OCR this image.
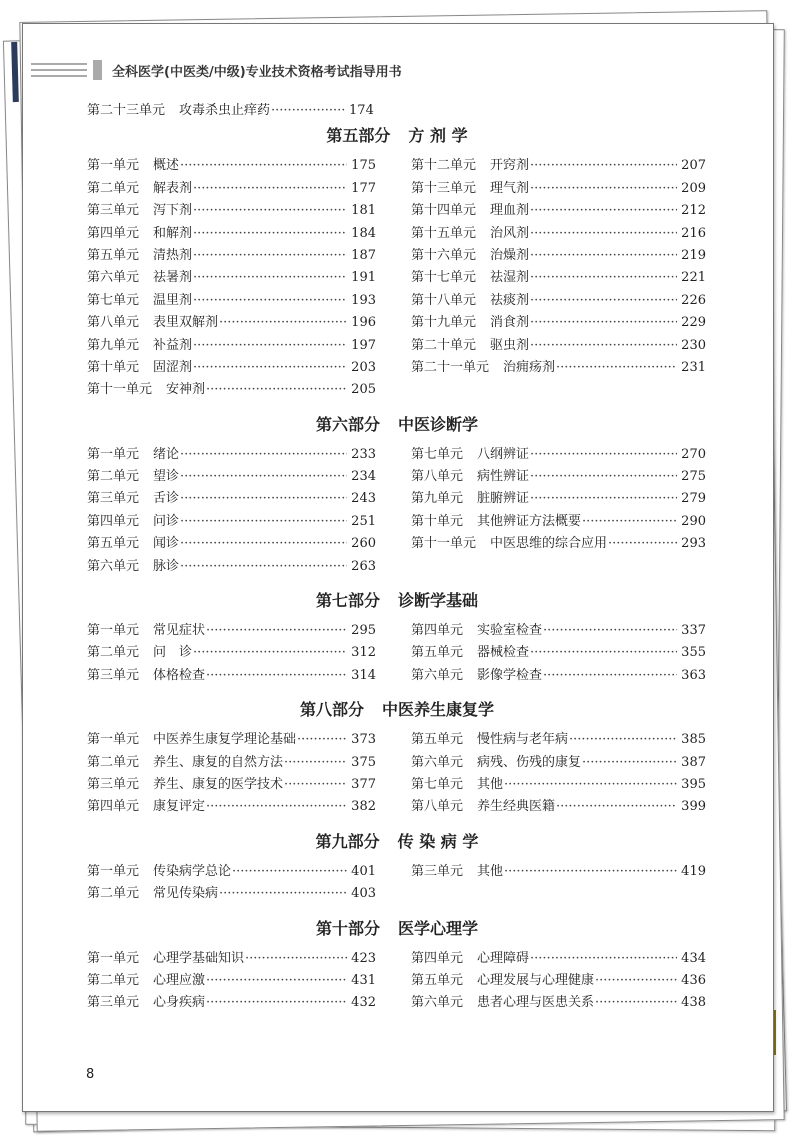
全科医学(中医类/中级)专业技术资格考试指导用书
第二十三单元 攻毒杀虫止痒药 ·····	174
第五部分 方 剂 学
第一单元 概述 ·····	175
第二单元 解表剂 ·····	177
第三单元 泻下剂 ·····	181
第四单元 和解剂 ·····	184
第五单元 清热剂 ·····	187
第六单元 祛暑剂 ·····	191
第七单元 温里剂 ·····	193
第八单元 表里双解剂 ·····	196
第九单元 补益剂 ·····	197
第十单元 固涩剂 ·····	203
第十一单元 安神剂 ·····	205
第十二单元 开窍剂 ·····	207
第十三单元 理气剂 ·····	209
第十四单元 理血剂 ·····	212
第十五单元 治风剂 ·····	216
第十六单元 治燥剂 ·····	219
第十七单元 祛湿剂 ·····	221
第十八单元 祛痰剂 ·····	226
第十九单元 消食剂 ·····	229
第二十单元 驱虫剂 ·····	230
第二十一单元 治痈疡剂 ·····	231
第六部分 中医诊断学
第一单元 绪论 ·····	233
第二单元 望诊 ·····	234
第三单元 舌诊 ·····	243
第四单元 问诊 ·····	251
第五单元 闻诊 ·····	260
第六单元 脉诊 ·····	263
第七单元 八纲辨证 ·····	270
第八单元 病性辨证 ·····	275
第九单元 脏腑辨证 ·····	279
第十单元 其他辨证方法概要 ·····	290
第十一单元 中医思维的综合应用 ·····	293
第七部分 诊断学基础
第一单元 常见症状 ·····	295
第二单元 问　诊 ·····	312
第三单元 体格检查 ·····	314
第四单元 实验室检查 ·····	337
第五单元 器械检查 ·····	355
第六单元 影像学检查 ·····	363
第八部分 中医养生康复学
第一单元 中医养生康复学理论基础 ·····	373
第二单元 养生、康复的自然方法 ·····	375
第三单元 养生、康复的医学技术 ·····	377
第四单元 康复评定 ·····	382
第五单元 慢性病与老年病 ·····	385
第六单元 病残、伤残的康复 ·····	387
第七单元 其他 ·····	395
第八单元 养生经典医籍 ·····	399
第九部分 传 染 病 学
第一单元 传染病学总论 ·····	401
第二单元 常见传染病 ·····	403
第三单元 其他 ·····	419
第十部分 医学心理学
第一单元 心理学基础知识 ·····	423
第二单元 心理应激 ·····	431
第三单元 心身疾病 ·····	432
第四单元 心理障碍 ·····	434
第五单元 心理发展与心理健康 ·····	436
第六单元 患者心理与医患关系 ·····	438
8
